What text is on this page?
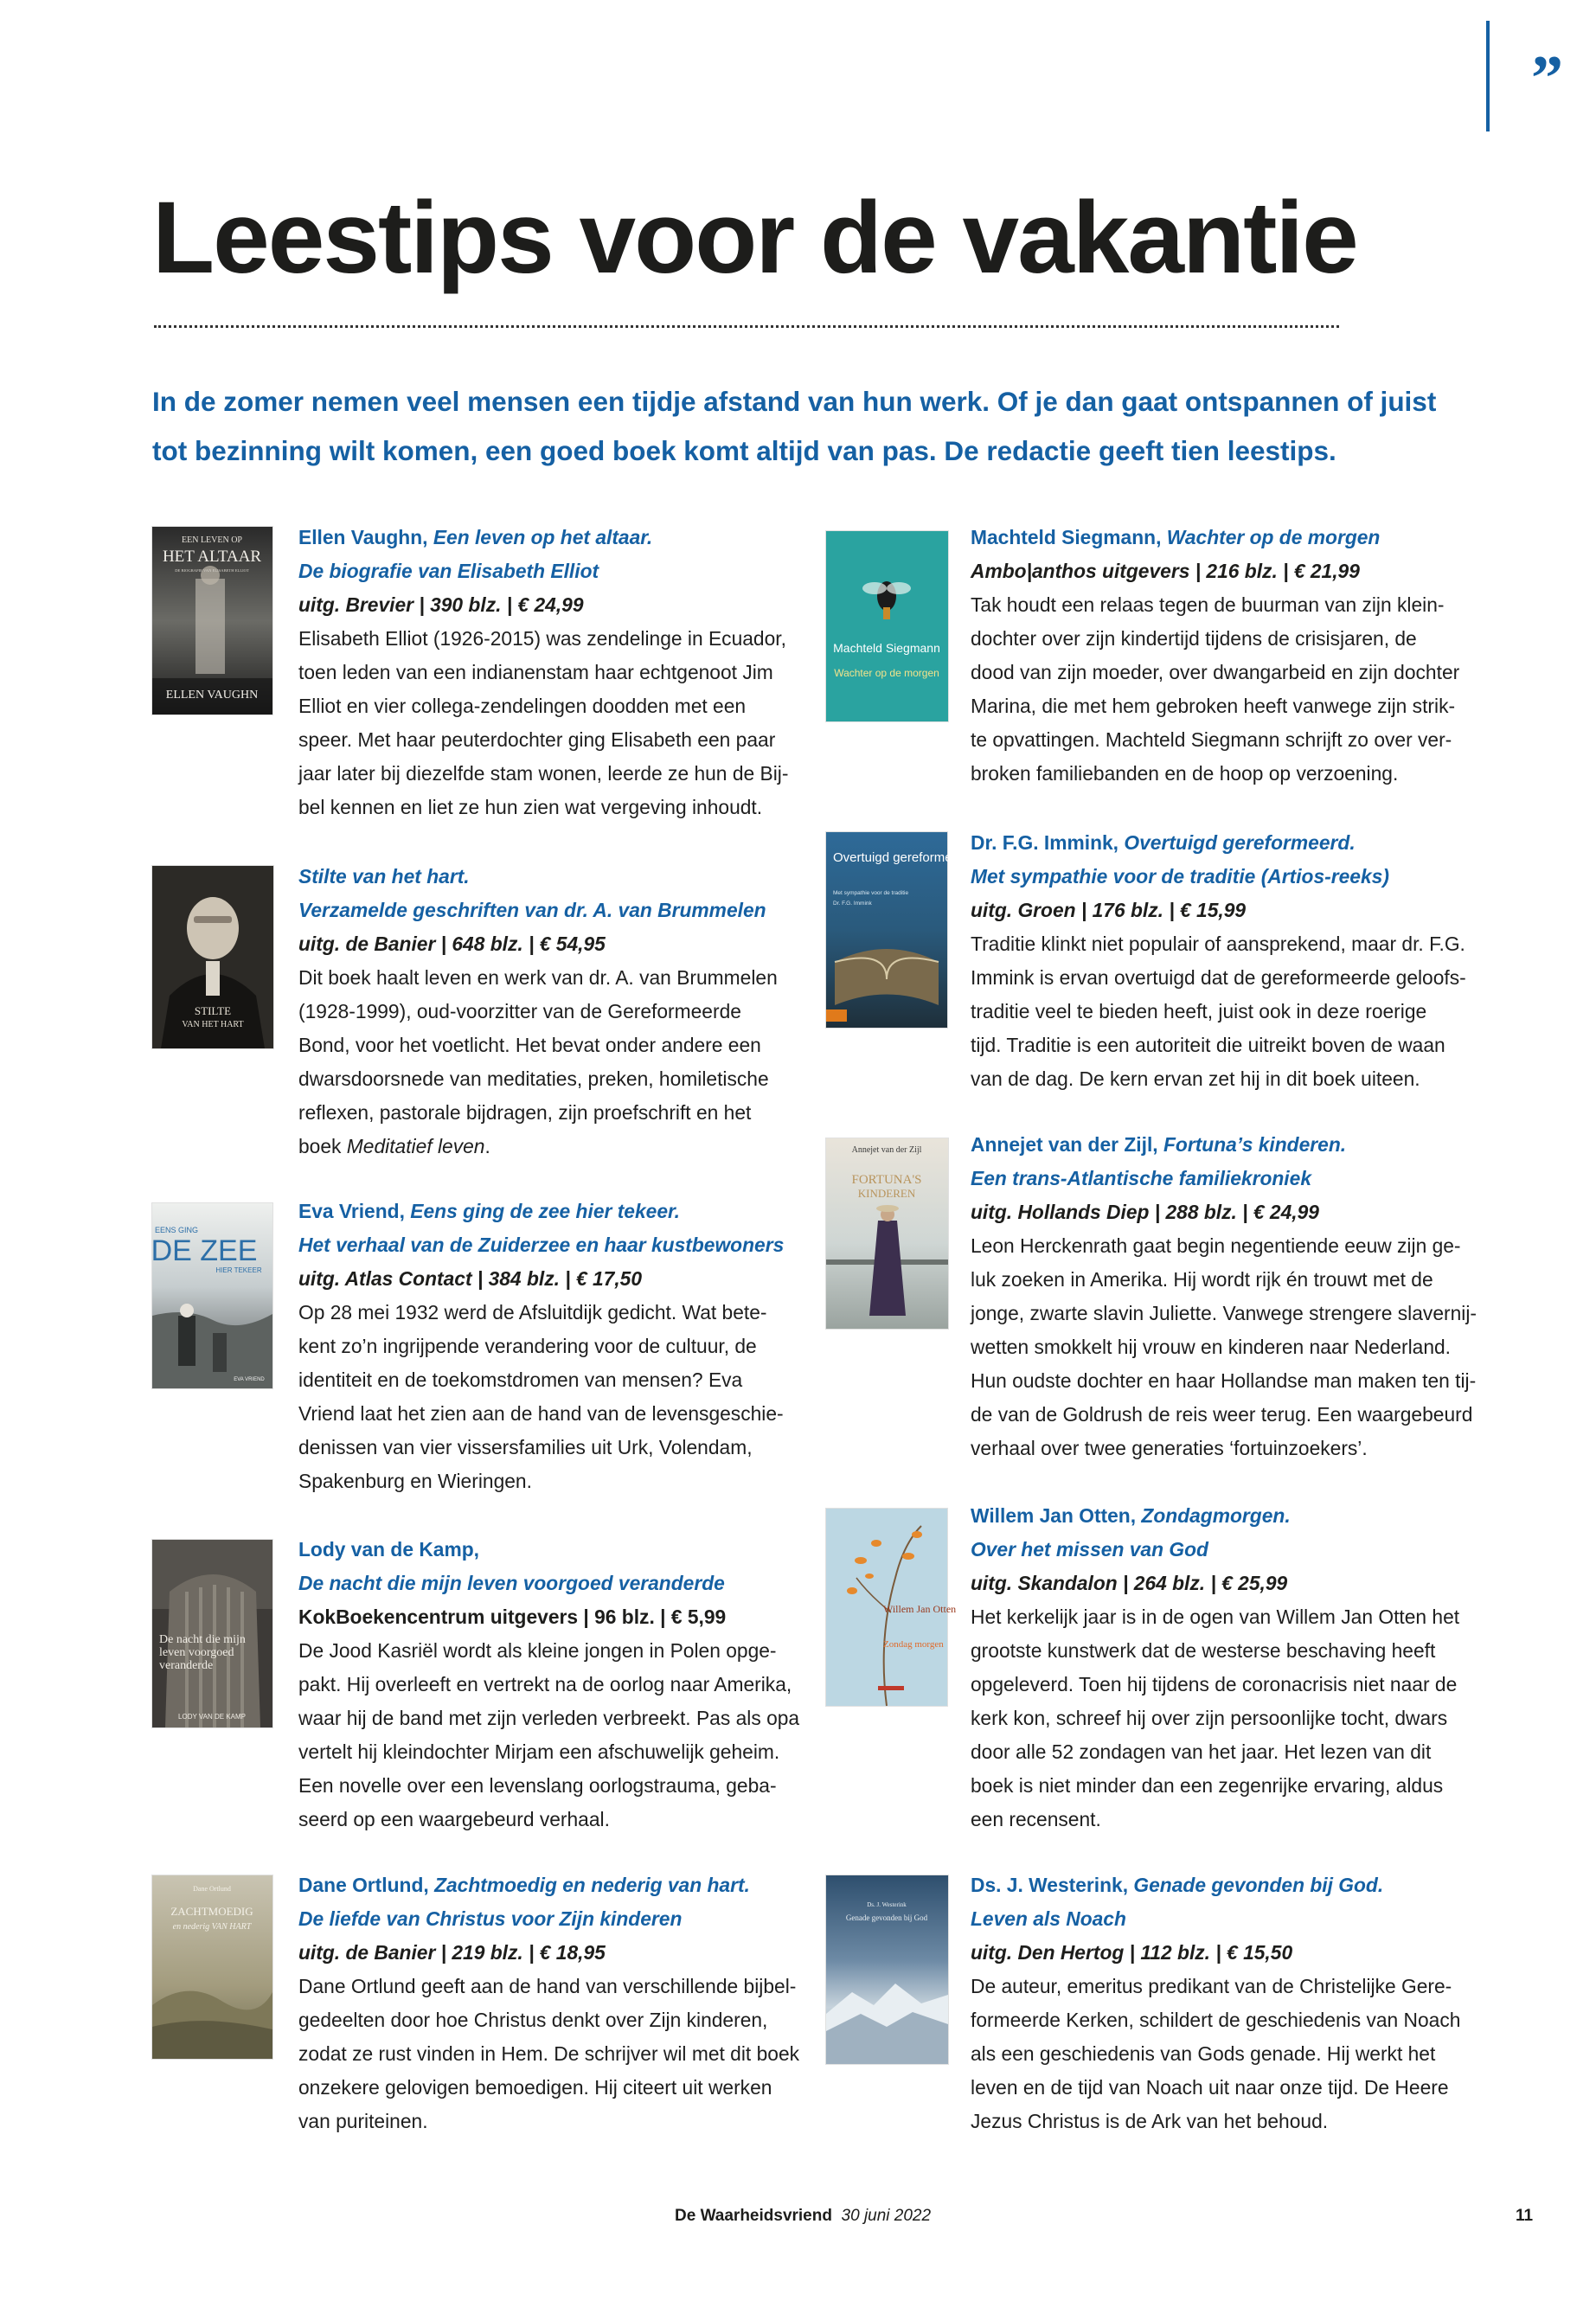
”
Leestips voor de vakantie

In de zomer nemen veel mensen een tijdje afstand van hun werk. Of je dan gaat ontspannen of juist
tot bezinning wilt komen, een goed boek komt altijd van pas. De redactie geeft tien leestips.

EEN LEVEN OP
HET ALTAAR
DE BIOGRAFIE VAN ELISABETH ELLIOT
ELLEN VAUGHN
Ellen Vaughn, Een leven op het altaar.
De biografie van Elisabeth Elliot
uitg. Brevier | 390 blz. | € 24,99
Elisabeth Elliot (1926-2015) was zendelinge in Ecuador,
toen leden van een indianenstam haar echtgenoot Jim
Elliot en vier collega-zendelingen doodden met een
speer. Met haar peuterdochter ging Elisabeth een paar
jaar later bij diezelfde stam wonen, leerde ze hun de Bij-
bel kennen en liet ze hun zien wat vergeving inhoudt.
STILTE
VAN HET HART
Stilte van het hart.
Verzamelde geschriften van dr. A. van Brummelen
uitg. de Banier | 648 blz. | € 54,95
Dit boek haalt leven en werk van dr. A. van Brummelen
(1928-1999), oud-voorzitter van de Gereformeerde
Bond, voor het voetlicht. Het bevat onder andere een
dwarsdoorsnede van meditaties, preken, homiletische
reflexen, pastorale bijdragen, zijn proefschrift en het
boek Meditatief leven.
EENS GING
DE ZEE
HIER TEKEER
EVA VRIEND
Eva Vriend, Eens ging de zee hier tekeer.
Het verhaal van de Zuiderzee en haar kustbewoners
uitg. Atlas Contact | 384 blz. | € 17,50
Op 28 mei 1932 werd de Afsluitdijk gedicht. Wat bete-
kent zo’n ingrijpende verandering voor de cultuur, de
identiteit en de toekomstdromen van mensen? Eva
Vriend laat het zien aan de hand van de levensgeschie-
denissen van vier vissersfamilies uit Urk, Volendam,
Spakenburg en Wieringen.
De nacht die mijn leven voorgoed veranderde
LODY VAN DE KAMP
Lody van de Kamp,
De nacht die mijn leven voorgoed veranderde
KokBoekencentrum uitgevers | 96 blz. | € 5,99
De Jood Kasriël wordt als kleine jongen in Polen opge-
pakt. Hij overleeft en vertrekt na de oorlog naar Amerika,
waar hij de band met zijn verleden verbreekt. Pas als opa
vertelt hij kleindochter Mirjam een afschuwelijk geheim.
Een novelle over een levenslang oorlogstrauma, geba-
seerd op een waargebeurd verhaal.
Dane Ortlund
ZACHTMOEDIG
en nederig VAN HART
Dane Ortlund, Zachtmoedig en nederig van hart.
De liefde van Christus voor Zijn kinderen
uitg. de Banier | 219 blz. | € 18,95
Dane Ortlund geeft aan de hand van verschillende bijbel-
gedeelten door hoe Christus denkt over Zijn kinderen,
zodat ze rust vinden in Hem. De schrijver wil met dit boek
onzekere gelovigen bemoedigen. Hij citeert uit werken
van puriteinen.
Machteld Siegmann
Wachter op de morgen
Machteld Siegmann, Wachter op de morgen
Ambo|anthos uitgevers | 216 blz. | € 21,99
Tak houdt een relaas tegen de buurman van zijn klein-
dochter over zijn kindertijd tijdens de crisisjaren, de
dood van zijn moeder, over dwangarbeid en zijn dochter
Marina, die met hem gebroken heeft vanwege zijn strik-
te opvattingen. Machteld Siegmann schrijft zo over ver-
broken familiebanden en de hoop op verzoening.
Overtuigd gereformeerd
Met sympathie voor de traditie
Dr. F.G. Immink
Dr. F.G. Immink, Overtuigd gereformeerd.
Met sympathie voor de traditie (Artios-reeks)
uitg. Groen | 176 blz. | € 15,99
Traditie klinkt niet populair of aansprekend, maar dr. F.G.
Immink is ervan overtuigd dat de gereformeerde geloofs-
traditie veel te bieden heeft, juist ook in deze roerige
tijd. Traditie is een autoriteit die uitreikt boven de waan
van de dag. De kern ervan zet hij in dit boek uiteen.
Annejet van der Zijl
FORTUNA'S
KINDEREN
Annejet van der Zijl, Fortuna’s kinderen.
Een trans-Atlantische familiekroniek
uitg. Hollands Diep | 288 blz. | € 24,99
Leon Herckenrath gaat begin negentiende eeuw zijn ge-
luk zoeken in Amerika. Hij wordt rijk én trouwt met de
jonge, zwarte slavin Juliette. Vanwege strengere slavernij-
wetten smokkelt hij vrouw en kinderen naar Nederland.
Hun oudste dochter en haar Hollandse man maken ten tij-
de van de Goldrush de reis weer terug. Een waargebeurd
verhaal over twee generaties ‘fortuinzoekers’.
Willem Jan Otten
Zondag morgen
Willem Jan Otten, Zondagmorgen.
Over het missen van God
uitg. Skandalon | 264 blz. | € 25,99
Het kerkelijk jaar is in de ogen van Willem Jan Otten het
grootste kunstwerk dat de westerse beschaving heeft
opgeleverd. Toen hij tijdens de coronacrisis niet naar de
kerk kon, schreef hij over zijn persoonlijke tocht, dwars
door alle 52 zondagen van het jaar. Het lezen van dit
boek is niet minder dan een zegenrijke ervaring, aldus
een recensent.
Ds. J. Westerink
Genade gevonden bij God
Ds. J. Westerink, Genade gevonden bij God.
Leven als Noach
uitg. Den Hertog | 112 blz. | € 15,50
De auteur, emeritus predikant van de Christelijke Gere-
formeerde Kerken, schildert de geschiedenis van Noach
als een geschiedenis van Gods genade. Hij werkt het
leven en de tijd van Noach uit naar onze tijd. De Heere
Jezus Christus is de Ark van het behoud.
De Waarheidsvriend 30 juni 2022	11
